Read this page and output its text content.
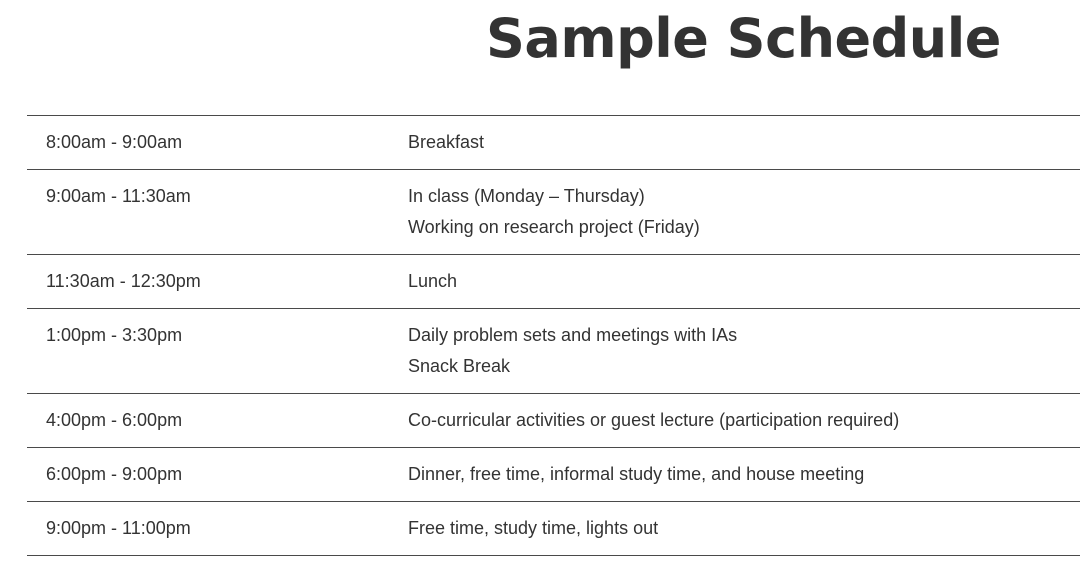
Sample Schedule
8:00am - 9:00am	Breakfast
9:00am - 11:30am	In class (Monday – Thursday)
Working on research project (Friday)
11:30am - 12:30pm	Lunch
1:00pm - 3:30pm	Daily problem sets and meetings with IAs
Snack Break
4:00pm - 6:00pm	Co-curricular activities or guest lecture (participation required)
6:00pm - 9:00pm	Dinner, free time, informal study time, and house meeting
9:00pm - 11:00pm	Free time, study time, lights out
